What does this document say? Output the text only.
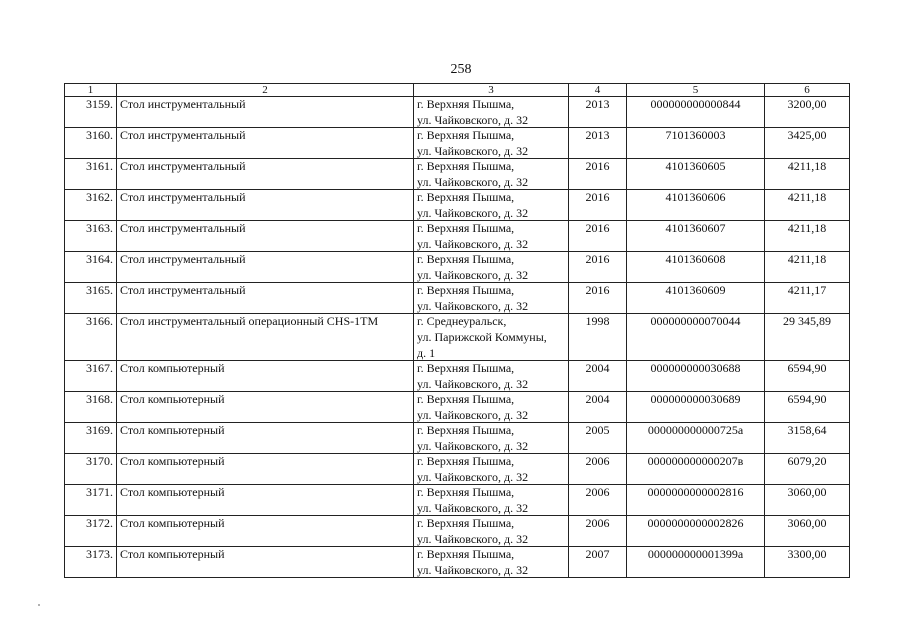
258
1	2	3	4	5	6
3159.	Стол инструментальный	г. Верхняя Пышма,
ул. Чайковского, д. 32	2013	000000000000844	3200,00
3160.	Стол инструментальный	г. Верхняя Пышма,
ул. Чайковского, д. 32	2013	7101360003	3425,00
3161.	Стол инструментальный	г. Верхняя Пышма,
ул. Чайковского, д. 32	2016	4101360605	4211,18
3162.	Стол инструментальный	г. Верхняя Пышма,
ул. Чайковского, д. 32	2016	4101360606	4211,18
3163.	Стол инструментальный	г. Верхняя Пышма,
ул. Чайковского, д. 32	2016	4101360607	4211,18
3164.	Стол инструментальный	г. Верхняя Пышма,
ул. Чайковского, д. 32	2016	4101360608	4211,18
3165.	Стол инструментальный	г. Верхняя Пышма,
ул. Чайковского, д. 32	2016	4101360609	4211,17
3166.	Стол инструментальный операционный CHS-1TM	г. Среднеуральск,
ул. Парижской Коммуны,
д. 1	1998	000000000070044	29 345,89
3167.	Стол компьютерный	г. Верхняя Пышма,
ул. Чайковского, д. 32	2004	000000000030688	6594,90
3168.	Стол компьютерный	г. Верхняя Пышма,
ул. Чайковского, д. 32	2004	000000000030689	6594,90
3169.	Стол компьютерный	г. Верхняя Пышма,
ул. Чайковского, д. 32	2005	000000000000725а	3158,64
3170.	Стол компьютерный	г. Верхняя Пышма,
ул. Чайковского, д. 32	2006	000000000000207в	6079,20
3171.	Стол компьютерный	г. Верхняя Пышма,
ул. Чайковского, д. 32	2006	0000000000002816	3060,00
3172.	Стол компьютерный	г. Верхняя Пышма,
ул. Чайковского, д. 32	2006	0000000000002826	3060,00
3173.	Стол компьютерный	г. Верхняя Пышма,
ул. Чайковского, д. 32	2007	000000000001399а	3300,00
